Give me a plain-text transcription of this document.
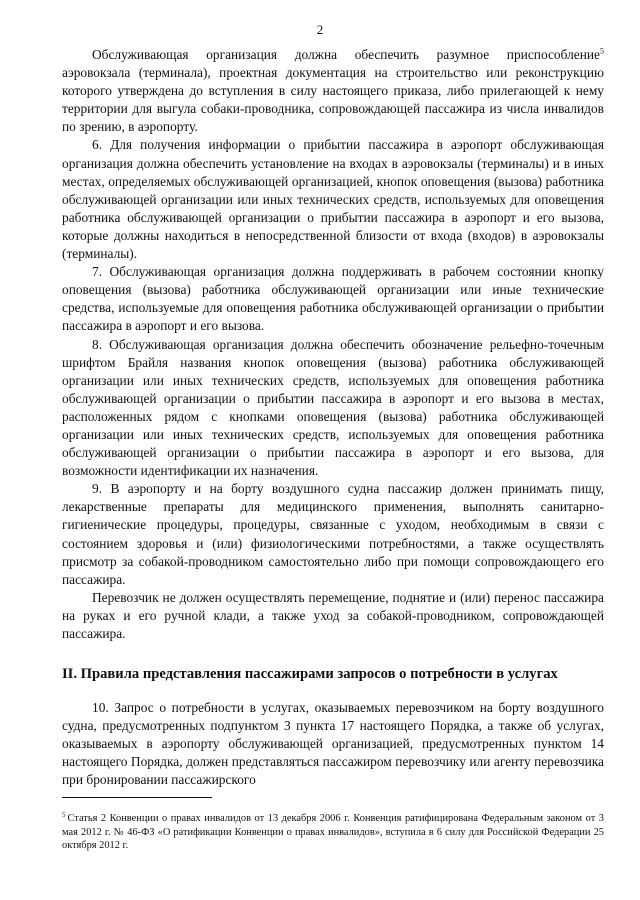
2

Обслуживающая организация должна обеспечить разумное приспособление$^5$ аэровокзала (терминала), проектная документация на строительство или реконструкцию которого утверждена до вступления в силу настоящего приказа, либо прилегающей к нему территории для выгула собаки-проводника, сопровождающей пассажира из числа инвалидов по зрению, в аэропорту.

6. Для получения информации о прибытии пассажира в аэропорт обслуживающая организация должна обеспечить установление на входах в аэровокзалы (терминалы) и в иных местах, определяемых обслуживающей организацией, кнопок оповещения (вызова) работника обслуживающей организации или иных технических средств, используемых для оповещения работника обслуживающей организации о прибытии пассажира в аэропорт и его вызова, которые должны находиться в непосредственной близости от входа (входов) в аэровокзалы (терминалы).

7. Обслуживающая организация должна поддерживать в рабочем состоянии кнопку оповещения (вызова) работника обслуживающей организации или иные технические средства, используемые для оповещения работника обслуживающей организации о прибытии пассажира в аэропорт и его вызова.

8. Обслуживающая организация должна обеспечить обозначение рельефно-точечным шрифтом Брайля названия кнопок оповещения (вызова) работника обслуживающей организации или иных технических средств, используемых для оповещения работника обслуживающей организации о прибытии пассажира в аэропорт и его вызова в местах, расположенных рядом с кнопками оповещения (вызова) работника обслуживающей организации или иных технических средств, используемых для оповещения работника обслуживающей организации о прибытии пассажира в аэропорт и его вызова, для возможности идентификации их назначения.

9. В аэропорту и на борту воздушного судна пассажир должен принимать пищу, лекарственные препараты для медицинского применения, выполнять санитарно-гигиенические процедуры, процедуры, связанные с уходом, необходимым в связи с состоянием здоровья и (или) физиологическими потребностями, а также осуществлять присмотр за собакой-проводником самостоятельно либо при помощи сопровождающего его пассажира.

Перевозчик не должен осуществлять перемещение, поднятие и (или) перенос пассажира на руках и его ручной клади, а также уход за собакой-проводником, сопровождающей пассажира.

II. Правила представления пассажирами запросов о потребности в услугах

10. Запрос о потребности в услугах, оказываемых перевозчиком на борту воздушного судна, предусмотренных подпунктом 3 пункта 17 настоящего Порядка, а также об услугах, оказываемых в аэропорту обслуживающей организацией, предусмотренных пунктом 14 настоящего Порядка, должен представляться пассажиром перевозчику или агенту перевозчика при бронировании пассажирского

$^5$ Статья 2 Конвенции о правах инвалидов от 13 декабря 2006 г. Конвенция ратифицирована Федеральным законом от 3 мая 2012 г. № 46-ФЗ «О ратификации Конвенции о правах инвалидов», вступила в 6 силу для Российской Федерации 25 октября 2012 г.
